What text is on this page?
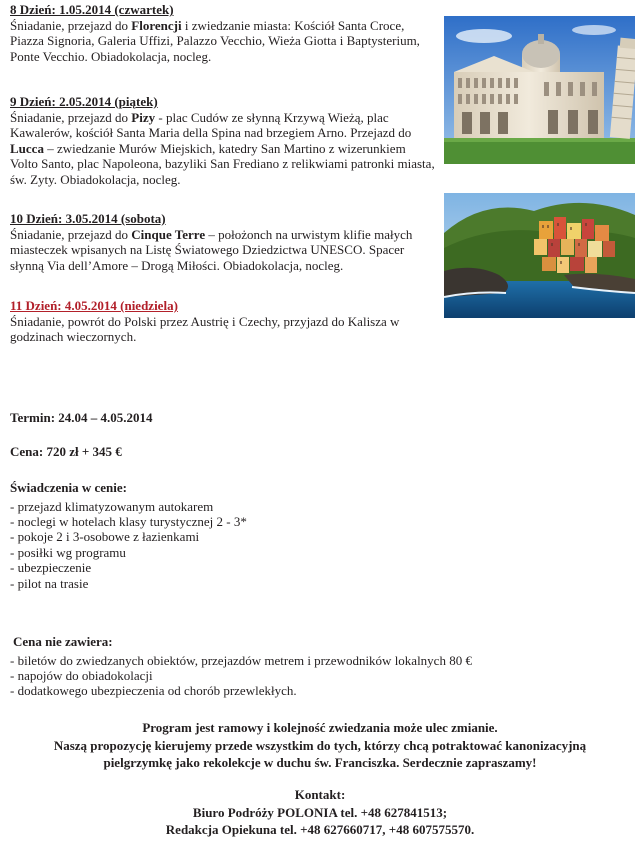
8 Dzień: 1.05.2014 (czwartek)
Śniadanie, przejazd do Florencji i zwiedzanie miasta: Kościół Santa Croce, Piazza Signoria, Galeria Uffizi, Palazzo Vecchio, Wieża Giotta i Baptysterium, Ponte Vecchio. Obiadokolacja, nocleg.
9 Dzień: 2.05.2014 (piątek)
Śniadanie, przejazd do Pizy - plac Cudów ze słynną Krzywą Wieżą, plac Kawalerów, kościół Santa Maria della Spina nad brzegiem Arno. Przejazd do Lucca – zwiedzanie Murów Miejskich, katedry San Martino z wizerunkiem Volto Santo, plac Napoleona, bazyliki San Frediano z relikwiami patronki miasta, św. Zyty. Obiadokolacja, nocleg.
10 Dzień: 3.05.2014 (sobota)
Śniadanie, przejazd do Cinque Terre – położonch na urwistym klifie małych miasteczek wpisanych na Listę Światowego Dziedzictwa UNESCO. Spacer słynną Via dell’Amore – Drogą Miłości. Obiadokolacja, nocleg.
11 Dzień: 4.05.2014 (niedziela)
Śniadanie, powrót do Polski przez Austrię i Czechy, przyjazd do Kalisza w godzinach wieczornych.
Termin: 24.04 – 4.05.2014
Cena: 720 zł + 345 €
Świadczenia w cenie:
- przejazd klimatyzowanym autokarem
- noclegi w hotelach klasy turystycznej 2 - 3*
- pokoje 2 i 3-osobowe z łazienkami
- posiłki wg programu
- ubezpieczenie
- pilot na trasie
Cena nie zawiera:
- biletów do zwiedzanych obiektów, przejazdów metrem i przewodników lokalnych 80 €
- napojów do obiadokolacji
- dodatkowego ubezpieczenia od chorób przewlekłych.

Program jest ramowy i kolejność zwiedzania może ulec zmianie.

Naszą propozycję kierujemy przede wszystkim do tych, którzy chcą potraktować kanonizacyjną

pielgrzymkę jako rekolekcje w duchu św. Franciszka. Serdecznie zapraszamy!

Kontakt:

Biuro Podróży POLONIA tel. +48 627841513;

Redakcja Opiekuna tel. +48 627660717, +48 607575570.
